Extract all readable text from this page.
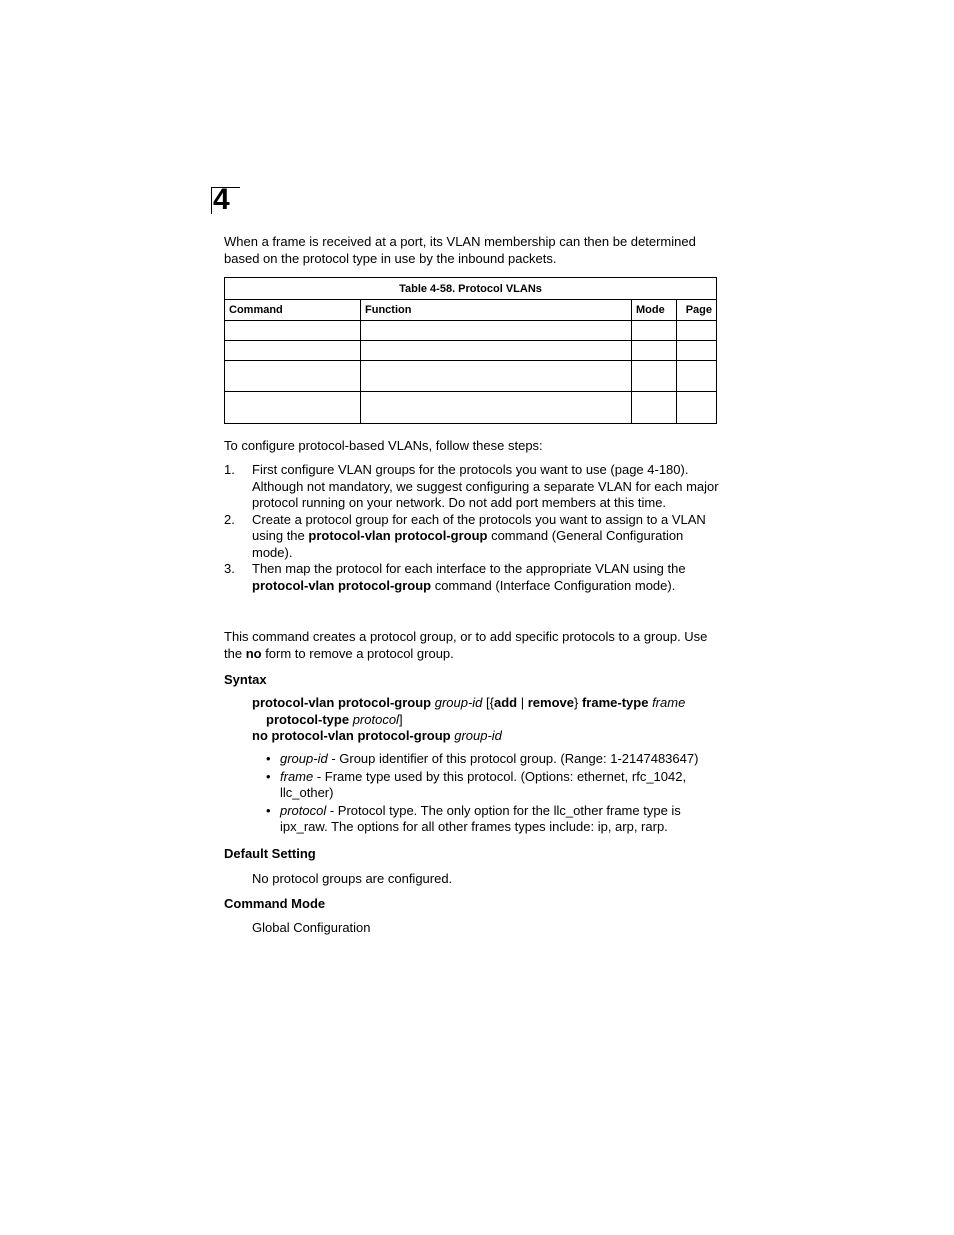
4
When a frame is received at a port, its VLAN membership can then be determined based on the protocol type in use by the inbound packets.
Table 4-58. Protocol VLANs			
Command	Function	Mode	Page

To configure protocol-based VLANs, follow these steps:
1. First configure VLAN groups for the protocols you want to use (page 4-180). Although not mandatory, we suggest configuring a separate VLAN for each major protocol running on your network. Do not add port members at this time.
2. Create a protocol group for each of the protocols you want to assign to a VLAN using the protocol-vlan protocol-group command (General Configuration mode).
3. Then map the protocol for each interface to the appropriate VLAN using the protocol-vlan protocol-group command (Interface Configuration mode).
This command creates a protocol group, or to add specific protocols to a group. Use the no form to remove a protocol group.
Syntax
protocol-vlan protocol-group group-id [{add | remove} frame-type frame
protocol-type protocol]
no protocol-vlan protocol-group group-id
• group-id - Group identifier of this protocol group. (Range: 1-2147483647)
• frame - Frame type used by this protocol. (Options: ethernet, rfc_1042, llc_other)
• protocol - Protocol type. The only option for the llc_other frame type is ipx_raw. The options for all other frames types include: ip, arp, rarp.
Default Setting
No protocol groups are configured.
Command Mode
Global Configuration
